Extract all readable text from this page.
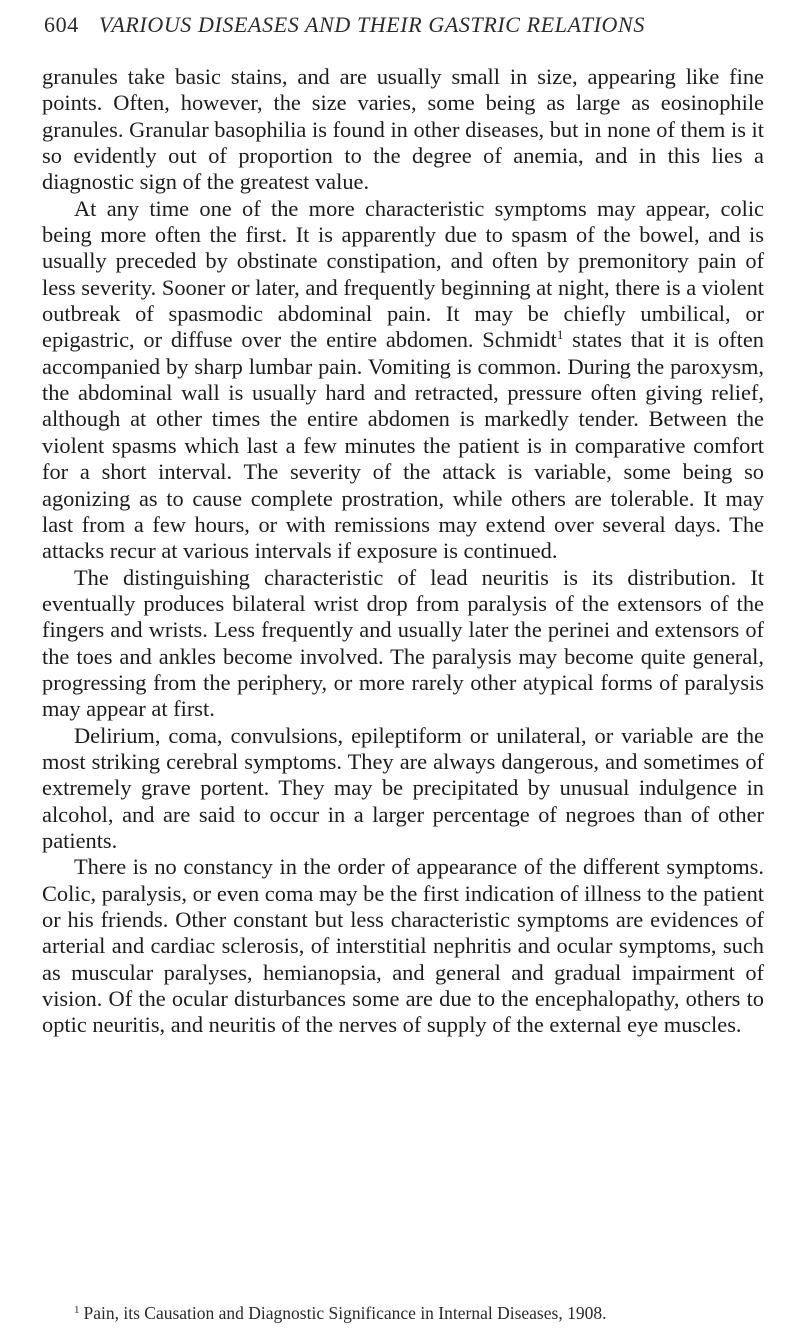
604 VARIOUS DISEASES AND THEIR GASTRIC RELATIONS

granules take basic stains, and are usually small in size, appearing like fine points. Often, however, the size varies, some being as large as eosinophile granules. Granular basophilia is found in other diseases, but in none of them is it so evidently out of proportion to the degree of anemia, and in this lies a diagnostic sign of the greatest value.

At any time one of the more characteristic symptoms may appear, colic being more often the first. It is apparently due to spasm of the bowel, and is usually preceded by obstinate constipation, and often by premonitory pain of less severity. Sooner or later, and frequently beginning at night, there is a violent outbreak of spasmodic abdominal pain. It may be chiefly umbilical, or epigastric, or diffuse over the entire abdomen. Schmidt$^1$ states that it is often accompanied by sharp lumbar pain. Vomiting is common. During the paroxysm, the abdominal wall is usually hard and retracted, pressure often giving relief, although at other times the entire abdomen is markedly tender. Between the violent spasms which last a few minutes the patient is in comparative comfort for a short interval. The severity of the attack is variable, some being so agonizing as to cause complete prostration, while others are tolerable. It may last from a few hours, or with remissions may extend over several days. The attacks recur at various intervals if exposure is continued.

The distinguishing characteristic of lead neuritis is its distribution. It eventually produces bilateral wrist drop from paralysis of the extensors of the fingers and wrists. Less frequently and usually later the perinei and extensors of the toes and ankles become involved. The paralysis may become quite general, progressing from the periphery, or more rarely other atypical forms of paralysis may appear at first.

Delirium, coma, convulsions, epileptiform or unilateral, or variable are the most striking cerebral symptoms. They are always dangerous, and sometimes of extremely grave portent. They may be precipitated by unusual indulgence in alcohol, and are said to occur in a larger percentage of negroes than of other patients.

There is no constancy in the order of appearance of the different symptoms. Colic, paralysis, or even coma may be the first indication of illness to the patient or his friends. Other constant but less characteristic symptoms are evidences of arterial and cardiac sclerosis, of interstitial nephritis and ocular symptoms, such as muscular paralyses, hemianopsia, and general and gradual impairment of vision. Of the ocular disturbances some are due to the encephalopathy, others to optic neuritis, and neuritis of the nerves of supply of the external eye muscles.

$^1$ Pain, its Causation and Diagnostic Significance in Internal Diseases, 1908.
